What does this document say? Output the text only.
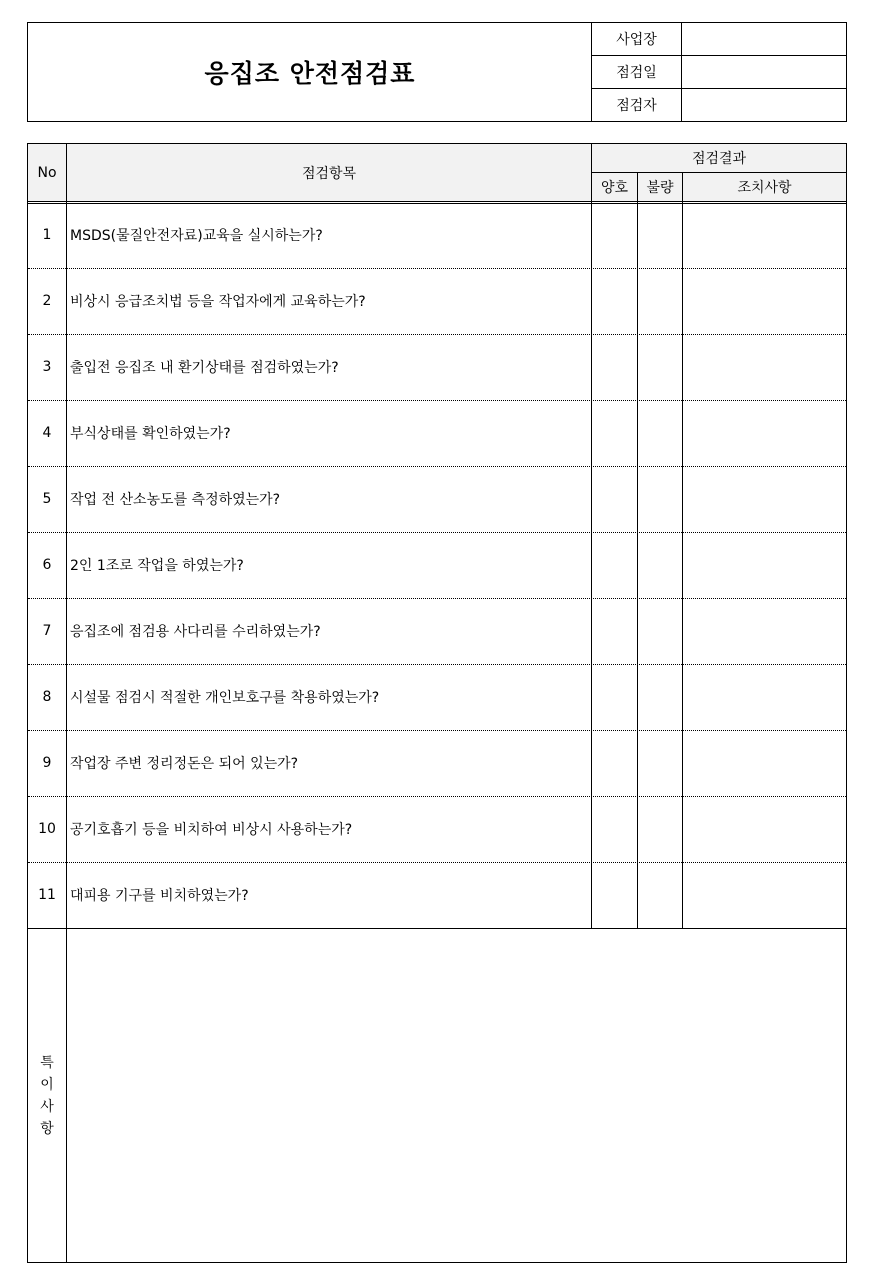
응집조 안전점검표
사업장
점검일
점검자
No	점검항목
점검결과
양호	불량	조치사항
1	MSDS(물질안전자료)교육을 실시하는가?
2	비상시 응급조치법 등을 작업자에게 교육하는가?
3	출입전 응집조 내 환기상태를 점검하였는가?
4	부식상태를 확인하였는가?
5	작업 전 산소농도를 측정하였는가?
6	2인 1조로 작업을 하였는가?
7	응집조에 점검용 사다리를 수리하였는가?
8	시설물 점검시 적절한 개인보호구를 착용하였는가?
9	작업장 주변 정리정돈은 되어 있는가?
10	공기호흡기 등을 비치하여 비상시 사용하는가?
11	대피용 기구를 비치하였는가?
특
이
사
항
